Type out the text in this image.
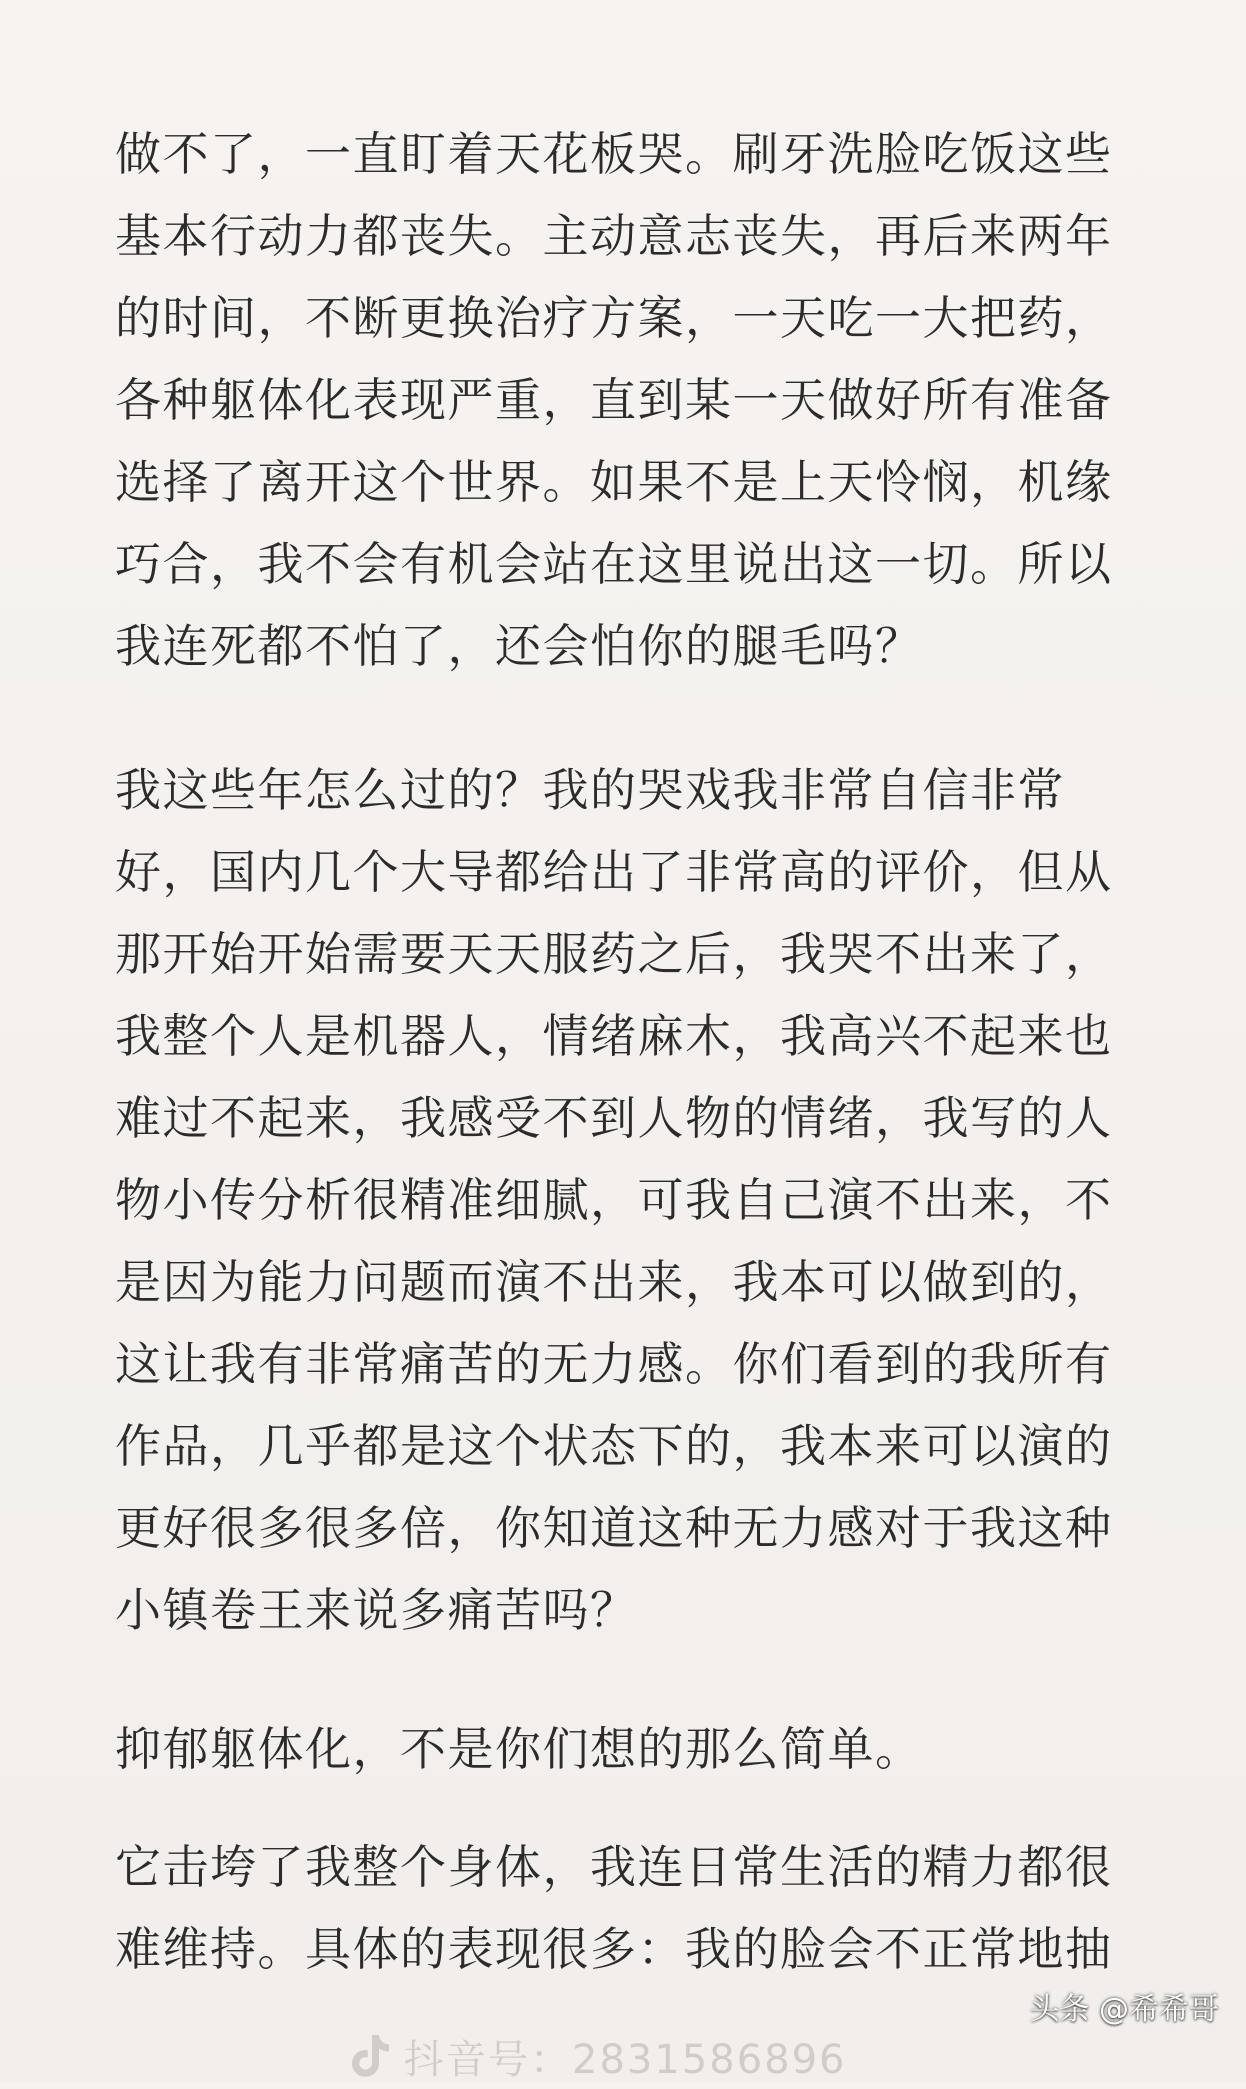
做不了，一直盯着天花板哭。刷牙洗脸吃饭这些
基本行动力都丧失。主动意志丧失，再后来两年
的时间，不断更换治疗方案，一天吃一大把药，
各种躯体化表现严重，直到某一天做好所有准备
选择了离开这个世界。如果不是上天怜悯，机缘
巧合，我不会有机会站在这里说出这一切。所以
我连死都不怕了，还会怕你的腿毛吗？
我这些年怎么过的？我的哭戏我非常自信非常
好，国内几个大导都给出了非常高的评价，但从
那开始开始需要天天服药之后，我哭不出来了，
我整个人是机器人，情绪麻木，我高兴不起来也
难过不起来，我感受不到人物的情绪，我写的人
物小传分析很精准细腻，可我自己演不出来，不
是因为能力问题而演不出来，我本可以做到的，
这让我有非常痛苦的无力感。你们看到的我所有
作品，几乎都是这个状态下的，我本来可以演的
更好很多很多倍，你知道这种无力感对于我这种
小镇卷王来说多痛苦吗？
抑郁躯体化，不是你们想的那么简单。
它击垮了我整个身体，我连日常生活的精力都很
难维持。具体的表现很多：我的脸会不正常地抽
抖音号：2831586896
头条 @希希哥
